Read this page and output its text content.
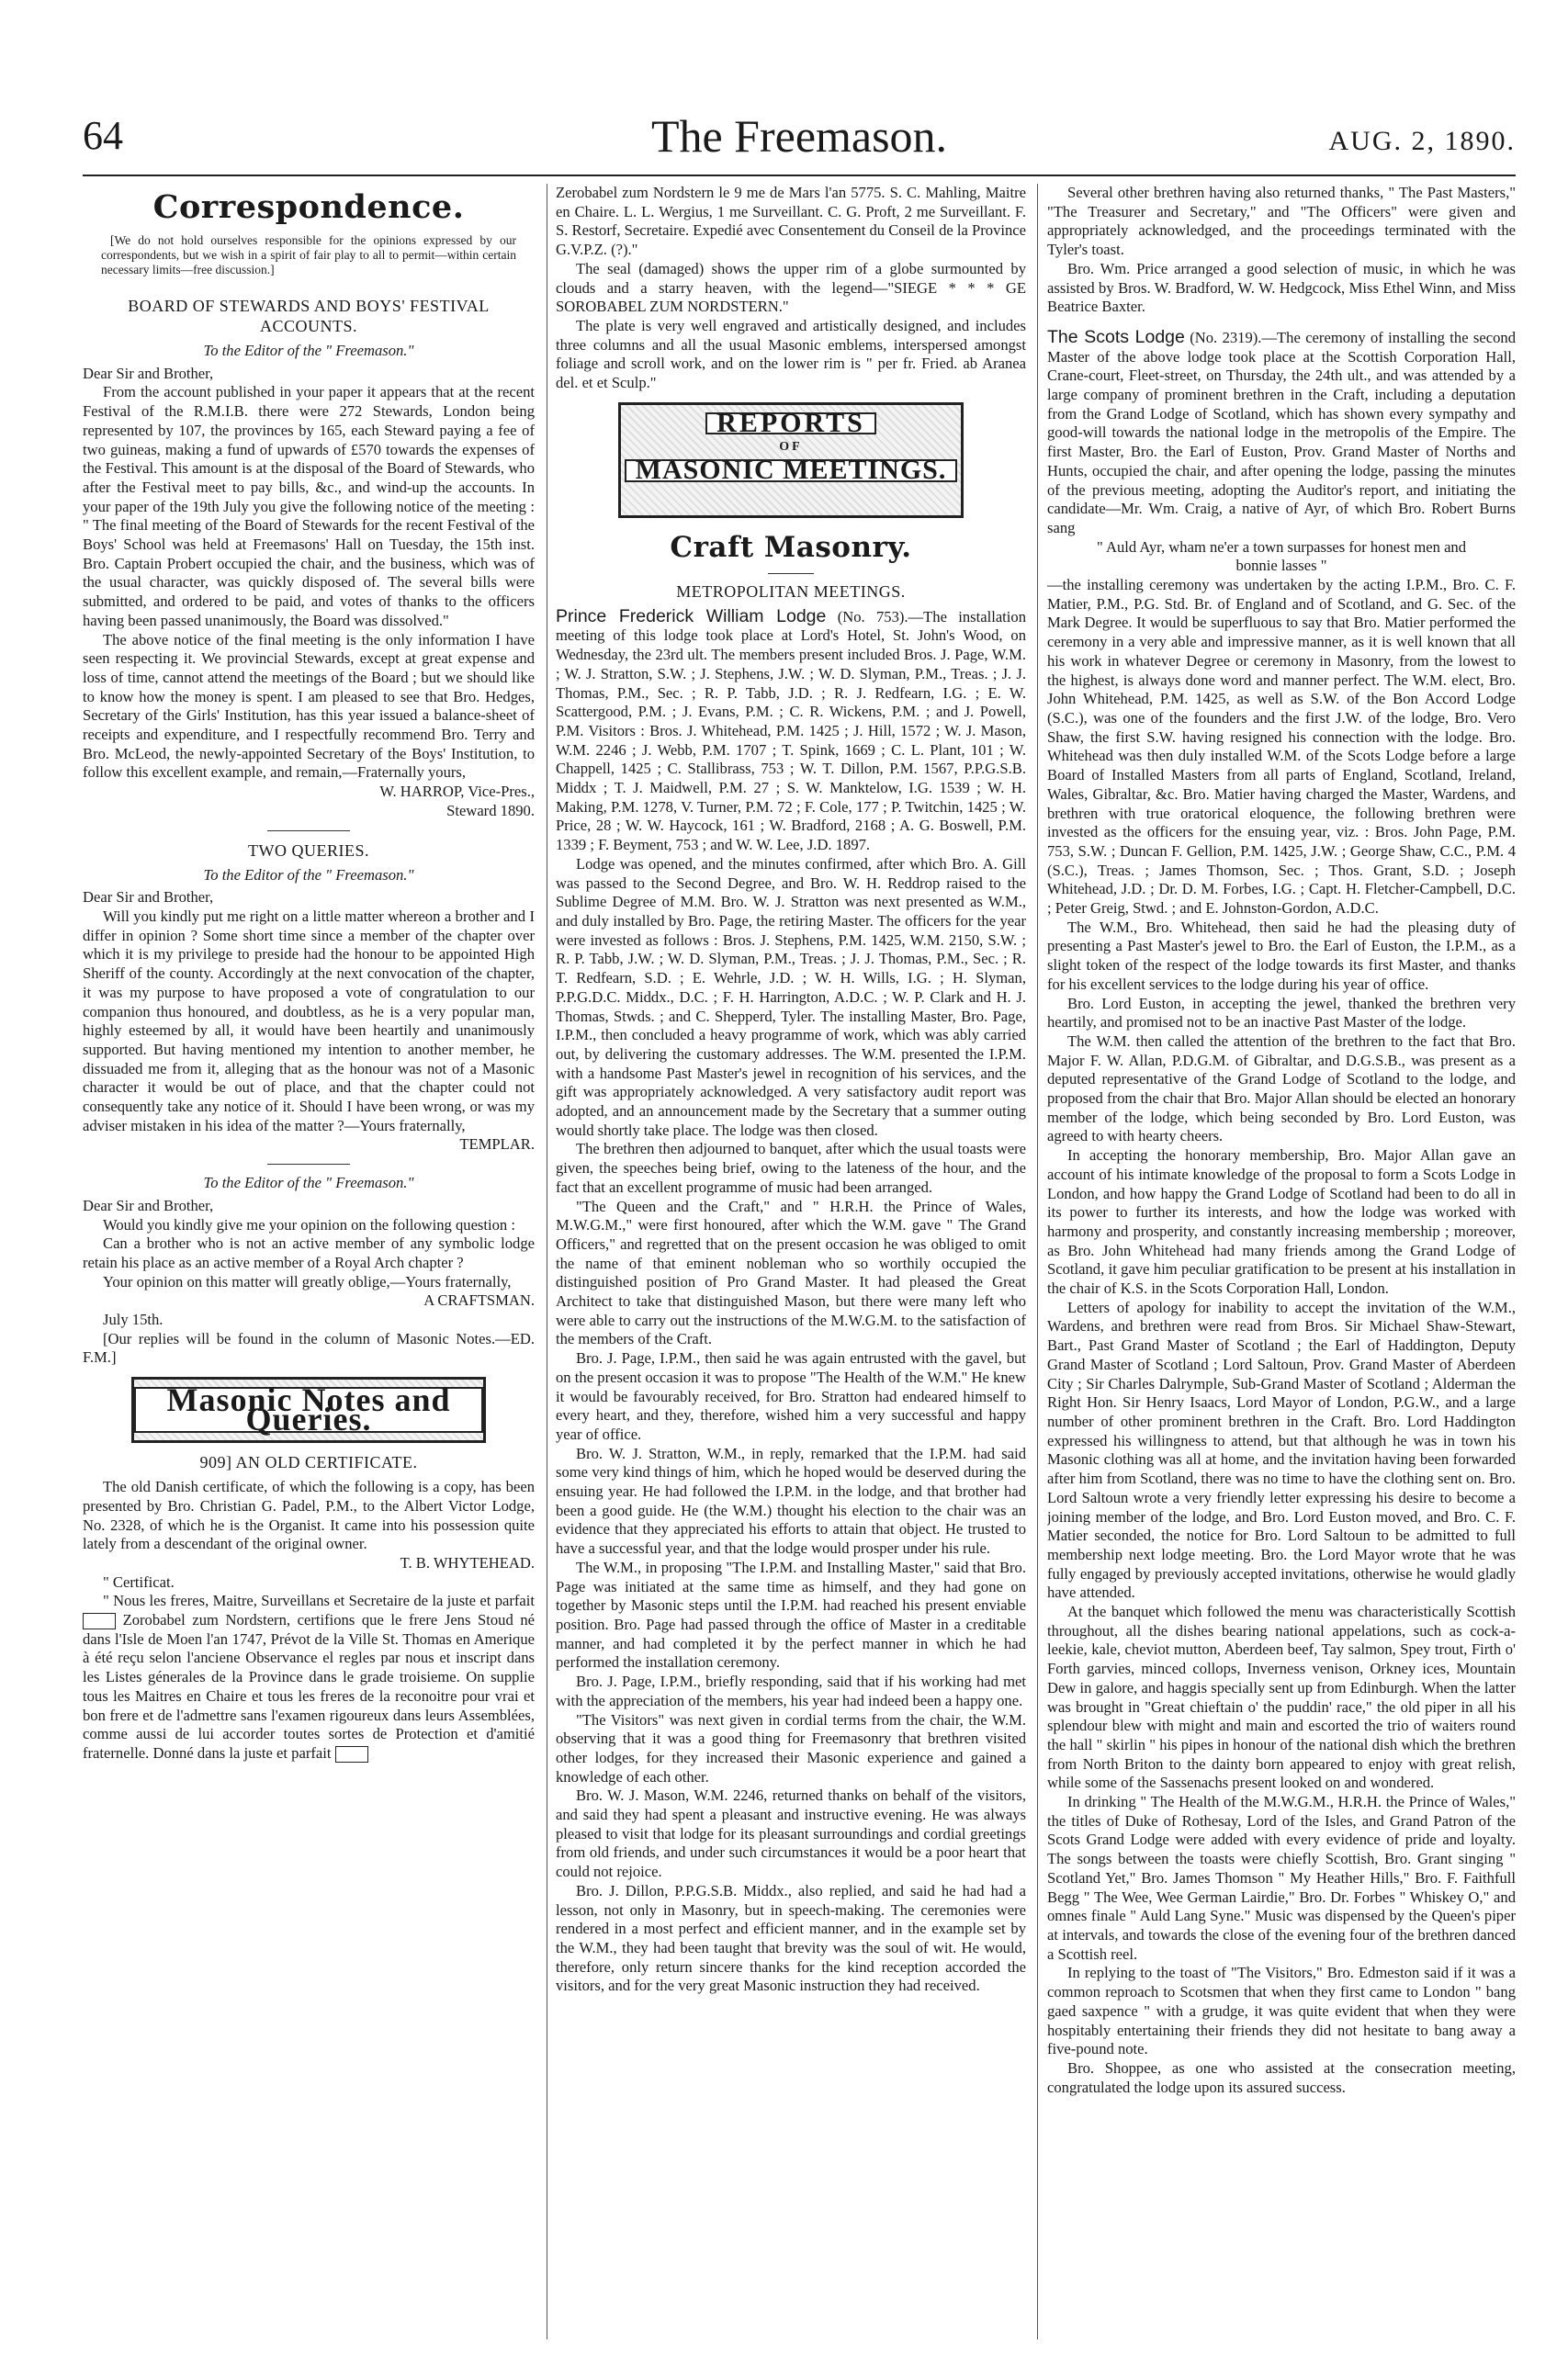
64	The Freemason.	AUG. 2, 1890.
Correspondence.

[We do not hold ourselves responsible for the opinions expressed by our correspondents, but we wish in a spirit of fair play to all to permit—within certain necessary limits—free discussion.]

BOARD OF STEWARDS AND BOYS' FESTIVAL ACCOUNTS.

To the Editor of the " Freemason."

Dear Sir and Brother,

From the account published in your paper it appears that at the recent Festival of the R.M.I.B. there were 272 Stewards, London being represented by 107, the provinces by 165, each Steward paying a fee of two guineas, making a fund of upwards of £570 towards the expenses of the Festival. This amount is at the disposal of the Board of Stewards, who after the Festival meet to pay bills, &c., and wind-up the accounts. In your paper of the 19th July you give the following notice of the meeting : " The final meeting of the Board of Stewards for the recent Festival of the Boys' School was held at Freemasons' Hall on Tuesday, the 15th inst. Bro. Captain Probert occupied the chair, and the business, which was of the usual character, was quickly disposed of. The several bills were submitted, and ordered to be paid, and votes of thanks to the officers having been passed unanimously, the Board was dissolved."

The above notice of the final meeting is the only information I have seen respecting it. We provincial Stewards, except at great expense and loss of time, cannot attend the meetings of the Board ; but we should like to know how the money is spent. I am pleased to see that Bro. Hedges, Secretary of the Girls' Institution, has this year issued a balance-sheet of receipts and expenditure, and I respectfully recommend Bro. Terry and Bro. McLeod, the newly-appointed Secretary of the Boys' Institution, to follow this excellent example, and remain,—Fraternally yours,

W. HARROP, Vice-Pres.,

Steward 1890.

TWO QUERIES.

To the Editor of the " Freemason."

Dear Sir and Brother,

Will you kindly put me right on a little matter whereon a brother and I differ in opinion ? Some short time since a member of the chapter over which it is my privilege to preside had the honour to be appointed High Sheriff of the county. Accordingly at the next convocation of the chapter, it was my purpose to have proposed a vote of congratulation to our companion thus honoured, and doubtless, as he is a very popular man, highly esteemed by all, it would have been heartily and unanimously supported. But having mentioned my intention to another member, he dissuaded me from it, alleging that as the honour was not of a Masonic character it would be out of place, and that the chapter could not consequently take any notice of it. Should I have been wrong, or was my adviser mistaken in his idea of the matter ?—Yours fraternally,

TEMPLAR.

To the Editor of the " Freemason."

Dear Sir and Brother,

Would you kindly give me your opinion on the following question :

Can a brother who is not an active member of any symbolic lodge retain his place as an active member of a Royal Arch chapter ?

Your opinion on this matter will greatly oblige,—Yours fraternally,

A CRAFTSMAN.

July 15th.

[Our replies will be found in the column of Masonic Notes.—ED. F.M.]

Masonic Notes and Queries.

909] AN OLD CERTIFICATE.

The old Danish certificate, of which the following is a copy, has been presented by Bro. Christian G. Padel, P.M., to the Albert Victor Lodge, No. 2328, of which he is the Organist. It came into his possession quite lately from a descendant of the original owner.

T. B. WHYTEHEAD.

" Certificat.

" Nous les freres, Maitre, Surveillans et Secretaire de la juste et parfait  Zorobabel zum Nordstern, certifions que le frere Jens Stoud né dans l'Isle de Moen l'an 1747, Prévot de la Ville St. Thomas en Amerique à été reçu selon l'anciene Observance el regles par nous et inscript dans les Listes génerales de la Province dans le grade troisieme. On supplie tous les Maitres en Chaire et tous les freres de la reconoitre pour vrai et bon frere et de l'admettre sans l'examen rigoureux dans leurs Assemblées, comme aussi de lui accorder toutes sortes de Protection et d'amitié fraternelle. Donné dans la juste et parfait

Zerobabel zum Nordstern le 9 me de Mars l'an 5775. S. C. Mahling, Maitre en Chaire. L. L. Wergius, 1 me Surveillant. C. G. Proft, 2 me Surveillant. F. S. Restorf, Secretaire. Expedié avec Consentement du Conseil de la Province G.V.P.Z. (?)."

The seal (damaged) shows the upper rim of a globe surmounted by clouds and a starry heaven, with the legend—"SIEGE * * * GE SOROBABEL ZUM NORDSTERN."

The plate is very well engraved and artistically designed, and includes three columns and all the usual Masonic emblems, interspersed amongst foliage and scroll work, and on the lower rim is " per fr. Fried. ab Aranea del. et et Sculp."

REPORTS
OF
MASONIC MEETINGS.
Craft Masonry.

METROPOLITAN MEETINGS.

Prince Frederick William Lodge (No. 753).—The installation meeting of this lodge took place at Lord's Hotel, St. John's Wood, on Wednesday, the 23rd ult. The members present included Bros. J. Page, W.M. ; W. J. Stratton, S.W. ; J. Stephens, J.W. ; W. D. Slyman, P.M., Treas. ; J. J. Thomas, P.M., Sec. ; R. P. Tabb, J.D. ; R. J. Redfearn, I.G. ; E. W. Scattergood, P.M. ; J. Evans, P.M. ; C. R. Wickens, P.M. ; and J. Powell, P.M. Visitors : Bros. J. Whitehead, P.M. 1425 ; J. Hill, 1572 ; W. J. Mason, W.M. 2246 ; J. Webb, P.M. 1707 ; T. Spink, 1669 ; C. L. Plant, 101 ; W. Chappell, 1425 ; C. Stallibrass, 753 ; W. T. Dillon, P.M. 1567, P.P.G.S.B. Middx ; T. J. Maidwell, P.M. 27 ; S. W. Manktelow, I.G. 1539 ; W. H. Making, P.M. 1278, V. Turner, P.M. 72 ; F. Cole, 177 ; P. Twitchin, 1425 ; W. Price, 28 ; W. W. Haycock, 161 ; W. Bradford, 2168 ; A. G. Boswell, P.M. 1339 ; F. Beyment, 753 ; and W. W. Lee, J.D. 1897.

Lodge was opened, and the minutes confirmed, after which Bro. A. Gill was passed to the Second Degree, and Bro. W. H. Reddrop raised to the Sublime Degree of M.M. Bro. W. J. Stratton was next presented as W.M., and duly installed by Bro. Page, the retiring Master. The officers for the year were invested as follows : Bros. J. Stephens, P.M. 1425, W.M. 2150, S.W. ; R. P. Tabb, J.W. ; W. D. Slyman, P.M., Treas. ; J. J. Thomas, P.M., Sec. ; R. T. Redfearn, S.D. ; E. Wehrle, J.D. ; W. H. Wills, I.G. ; H. Slyman, P.P.G.D.C. Middx., D.C. ; F. H. Harrington, A.D.C. ; W. P. Clark and H. J. Thomas, Stwds. ; and C. Shepperd, Tyler. The installing Master, Bro. Page, I.P.M., then concluded a heavy programme of work, which was ably carried out, by delivering the customary addresses. The W.M. presented the I.P.M. with a handsome Past Master's jewel in recognition of his services, and the gift was appropriately acknowledged. A very satisfactory audit report was adopted, and an announcement made by the Secretary that a summer outing would shortly take place. The lodge was then closed.

The brethren then adjourned to banquet, after which the usual toasts were given, the speeches being brief, owing to the lateness of the hour, and the fact that an excellent programme of music had been arranged.

"The Queen and the Craft," and " H.R.H. the Prince of Wales, M.W.G.M.," were first honoured, after which the W.M. gave " The Grand Officers," and regretted that on the present occasion he was obliged to omit the name of that eminent nobleman who so worthily occupied the distinguished position of Pro Grand Master. It had pleased the Great Architect to take that distinguished Mason, but there were many left who were able to carry out the instructions of the M.W.G.M. to the satisfaction of the members of the Craft.

Bro. J. Page, I.P.M., then said he was again entrusted with the gavel, but on the present occasion it was to propose "The Health of the W.M." He knew it would be favourably received, for Bro. Stratton had endeared himself to every heart, and they, therefore, wished him a very successful and happy year of office.

Bro. W. J. Stratton, W.M., in reply, remarked that the I.P.M. had said some very kind things of him, which he hoped would be deserved during the ensuing year. He had followed the I.P.M. in the lodge, and that brother had been a good guide. He (the W.M.) thought his election to the chair was an evidence that they appreciated his efforts to attain that object. He trusted to have a successful year, and that the lodge would prosper under his rule.

The W.M., in proposing "The I.P.M. and Installing Master," said that Bro. Page was initiated at the same time as himself, and they had gone on together by Masonic steps until the I.P.M. had reached his present enviable position. Bro. Page had passed through the office of Master in a creditable manner, and had completed it by the perfect manner in which he had performed the installation ceremony.

Bro. J. Page, I.P.M., briefly responding, said that if his working had met with the appreciation of the members, his year had indeed been a happy one.

"The Visitors" was next given in cordial terms from the chair, the W.M. observing that it was a good thing for Freemasonry that brethren visited other lodges, for they increased their Masonic experience and gained a knowledge of each other.

Bro. W. J. Mason, W.M. 2246, returned thanks on behalf of the visitors, and said they had spent a pleasant and instructive evening. He was always pleased to visit that lodge for its pleasant surroundings and cordial greetings from old friends, and under such circumstances it would be a poor heart that could not rejoice.

Bro. J. Dillon, P.P.G.S.B. Middx., also replied, and said he had had a lesson, not only in Masonry, but in speech-making. The ceremonies were rendered in a most perfect and efficient manner, and in the example set by the W.M., they had been taught that brevity was the soul of wit. He would, therefore, only return sincere thanks for the kind reception accorded the visitors, and for the very great Masonic instruction they had received.

Several other brethren having also returned thanks, " The Past Masters," "The Treasurer and Secretary," and "The Officers" were given and appropriately acknowledged, and the proceedings terminated with the Tyler's toast.

Bro. Wm. Price arranged a good selection of music, in which he was assisted by Bros. W. Bradford, W. W. Hedgcock, Miss Ethel Winn, and Miss Beatrice Baxter.

The Scots Lodge (No. 2319).—The ceremony of installing the second Master of the above lodge took place at the Scottish Corporation Hall, Crane-court, Fleet-street, on Thursday, the 24th ult., and was attended by a large company of prominent brethren in the Craft, including a deputation from the Grand Lodge of Scotland, which has shown every sympathy and good-will towards the national lodge in the metropolis of the Empire. The first Master, Bro. the Earl of Euston, Prov. Grand Master of Norths and Hunts, occupied the chair, and after opening the lodge, passing the minutes of the previous meeting, adopting the Auditor's report, and initiating the candidate—Mr. Wm. Craig, a native of Ayr, of which Bro. Robert Burns sang

" Auld Ayr, wham ne'er a town surpasses for honest men and bonnie lasses "

—the installing ceremony was undertaken by the acting I.P.M., Bro. C. F. Matier, P.M., P.G. Std. Br. of England and of Scotland, and G. Sec. of the Mark Degree. It would be superfluous to say that Bro. Matier performed the ceremony in a very able and impressive manner, as it is well known that all his work in whatever Degree or ceremony in Masonry, from the lowest to the highest, is always done word and manner perfect. The W.M. elect, Bro. John Whitehead, P.M. 1425, as well as S.W. of the Bon Accord Lodge (S.C.), was one of the founders and the first J.W. of the lodge, Bro. Vero Shaw, the first S.W. having resigned his connection with the lodge. Bro. Whitehead was then duly installed W.M. of the Scots Lodge before a large Board of Installed Masters from all parts of England, Scotland, Ireland, Wales, Gibraltar, &c. Bro. Matier having charged the Master, Wardens, and brethren with true oratorical eloquence, the following brethren were invested as the officers for the ensuing year, viz. : Bros. John Page, P.M. 753, S.W. ; Duncan F. Gellion, P.M. 1425, J.W. ; George Shaw, C.C., P.M. 4 (S.C.), Treas. ; James Thomson, Sec. ; Thos. Grant, S.D. ; Joseph Whitehead, J.D. ; Dr. D. M. Forbes, I.G. ; Capt. H. Fletcher-Campbell, D.C. ; Peter Greig, Stwd. ; and E. Johnston-Gordon, A.D.C.

The W.M., Bro. Whitehead, then said he had the pleasing duty of presenting a Past Master's jewel to Bro. the Earl of Euston, the I.P.M., as a slight token of the respect of the lodge towards its first Master, and thanks for his excellent services to the lodge during his year of office.

Bro. Lord Euston, in accepting the jewel, thanked the brethren very heartily, and promised not to be an inactive Past Master of the lodge.

The W.M. then called the attention of the brethren to the fact that Bro. Major F. W. Allan, P.D.G.M. of Gibraltar, and D.G.S.B., was present as a deputed representative of the Grand Lodge of Scotland to the lodge, and proposed from the chair that Bro. Major Allan should be elected an honorary member of the lodge, which being seconded by Bro. Lord Euston, was agreed to with hearty cheers.

In accepting the honorary membership, Bro. Major Allan gave an account of his intimate knowledge of the proposal to form a Scots Lodge in London, and how happy the Grand Lodge of Scotland had been to do all in its power to further its interests, and how the lodge was worked with harmony and prosperity, and constantly increasing membership ; moreover, as Bro. John Whitehead had many friends among the Grand Lodge of Scotland, it gave him peculiar gratification to be present at his installation in the chair of K.S. in the Scots Corporation Hall, London.

Letters of apology for inability to accept the invitation of the W.M., Wardens, and brethren were read from Bros. Sir Michael Shaw-Stewart, Bart., Past Grand Master of Scotland ; the Earl of Haddington, Deputy Grand Master of Scotland ; Lord Saltoun, Prov. Grand Master of Aberdeen City ; Sir Charles Dalrymple, Sub-Grand Master of Scotland ; Alderman the Right Hon. Sir Henry Isaacs, Lord Mayor of London, P.G.W., and a large number of other prominent brethren in the Craft. Bro. Lord Haddington expressed his willingness to attend, but that although he was in town his Masonic clothing was all at home, and the invitation having been forwarded after him from Scotland, there was no time to have the clothing sent on. Bro. Lord Saltoun wrote a very friendly letter expressing his desire to become a joining member of the lodge, and Bro. Lord Euston moved, and Bro. C. F. Matier seconded, the notice for Bro. Lord Saltoun to be admitted to full membership next lodge meeting. Bro. the Lord Mayor wrote that he was fully engaged by previously accepted invitations, otherwise he would gladly have attended.

At the banquet which followed the menu was characteristically Scottish throughout, all the dishes bearing national appelations, such as cock-a-leekie, kale, cheviot mutton, Aberdeen beef, Tay salmon, Spey trout, Firth o' Forth garvies, minced collops, Inverness venison, Orkney ices, Mountain Dew in galore, and haggis specially sent up from Edinburgh. When the latter was brought in "Great chieftain o' the puddin' race," the old piper in all his splendour blew with might and main and escorted the trio of waiters round the hall " skirlin " his pipes in honour of the national dish which the brethren from North Briton to the dainty born appeared to enjoy with great relish, while some of the Sassenachs present looked on and wondered.

In drinking " The Health of the M.W.G.M., H.R.H. the Prince of Wales," the titles of Duke of Rothesay, Lord of the Isles, and Grand Patron of the Scots Grand Lodge were added with every evidence of pride and loyalty. The songs between the toasts were chiefly Scottish, Bro. Grant singing " Scotland Yet," Bro. James Thomson " My Heather Hills," Bro. F. Faithfull Begg " The Wee, Wee German Lairdie," Bro. Dr. Forbes " Whiskey O," and omnes finale " Auld Lang Syne." Music was dispensed by the Queen's piper at intervals, and towards the close of the evening four of the brethren danced a Scottish reel.

In replying to the toast of "The Visitors," Bro. Edmeston said if it was a common reproach to Scotsmen that when they first came to London " bang gaed saxpence " with a grudge, it was quite evident that when they were hospitably entertaining their friends they did not hesitate to bang away a five-pound note.

Bro. Shoppee, as one who assisted at the consecration meeting, congratulated the lodge upon its assured success.
